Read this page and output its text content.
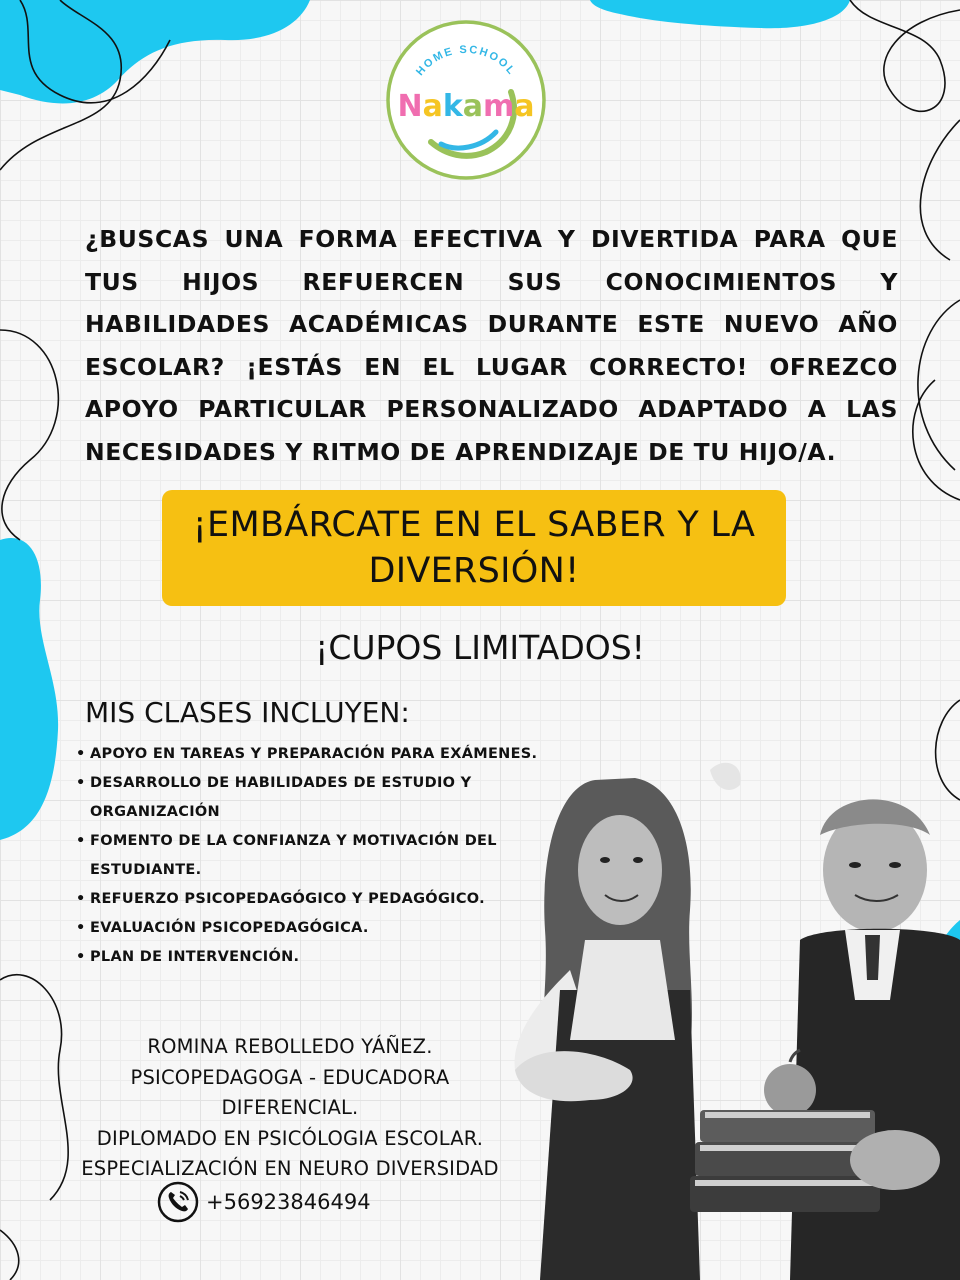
HOME SCHOOL
Nakama

¿BUSCAS UNA FORMA EFECTIVA Y DIVERTIDA PARA QUE TUS HIJOS REFUERCEN SUS CONOCIMIENTOS Y HABILIDADES ACADÉMICAS DURANTE ESTE NUEVO AÑO ESCOLAR? ¡ESTÁS EN EL LUGAR CORRECTO! OFREZCO APOYO PARTICULAR PERSONALIZADO ADAPTADO A LAS NECESIDADES Y RITMO DE APRENDIZAJE DE TU HIJO/A.

¡EMBÁRCATE EN EL SABER Y LA
DIVERSIÓN!
¡CUPOS LIMITADOS!
MIS CLASES INCLUYEN:
• APOYO EN TAREAS Y PREPARACIÓN PARA EXÁMENES.
• DESARROLLO DE HABILIDADES DE ESTUDIO Y ORGANIZACIÓN
• FOMENTO DE LA CONFIANZA Y MOTIVACIÓN DEL ESTUDIANTE.
• REFUERZO PSICOPEDAGÓGICO Y PEDAGÓGICO.
• EVALUACIÓN PSICOPEDAGÓGICA.
• PLAN DE INTERVENCIÓN.
ROMINA REBOLLEDO YÁÑEZ.
PSICOPEDAGOGA - EDUCADORA
DIFERENCIAL.
DIPLOMADO EN PSICÓLOGIA ESCOLAR.
ESPECIALIZACIÓN EN NEURO DIVERSIDAD
+56923846494
